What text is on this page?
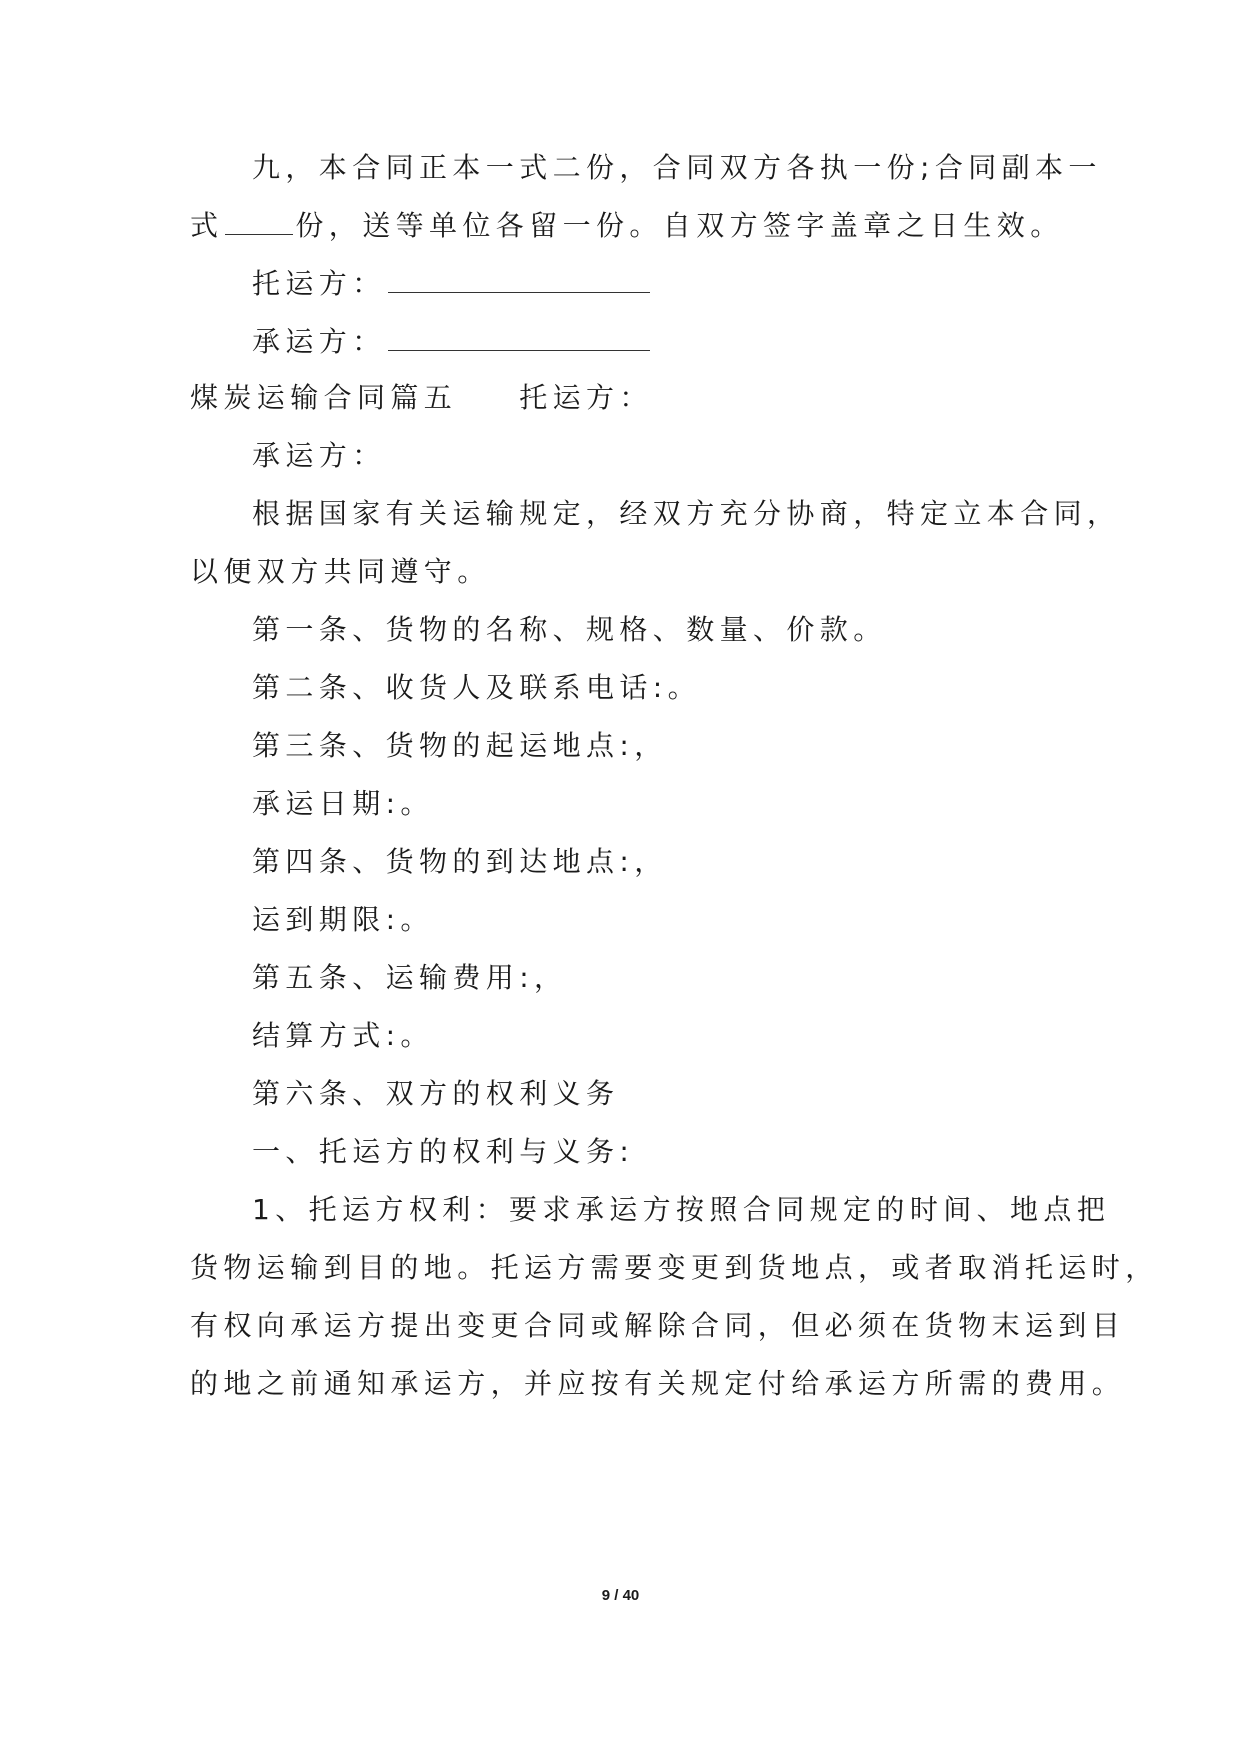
九，本合同正本一式二份，合同双方各执一份;合同副本一
式	份，送等单位各留一份。自双方签字盖章之日生效。
托运方：
承运方：
煤炭运输合同篇五 托运方：
承运方：
根据国家有关运输规定，经双方充分协商，特定立本合同，
以便双方共同遵守。
第一条、货物的名称、规格、数量、价款。
第二条、收货人及联系电话:。
第三条、货物的起运地点:，
承运日期:。
第四条、货物的到达地点:，
运到期限:。
第五条、运输费用:，
结算方式:。
第六条、双方的权利义务
一、托运方的权利与义务:
1、托运方权利：要求承运方按照合同规定的时间、地点把
货物运输到目的地。托运方需要变更到货地点，或者取消托运时，
有权向承运方提出变更合同或解除合同，但必须在货物末运到目
的地之前通知承运方，并应按有关规定付给承运方所需的费用。
9 / 40
